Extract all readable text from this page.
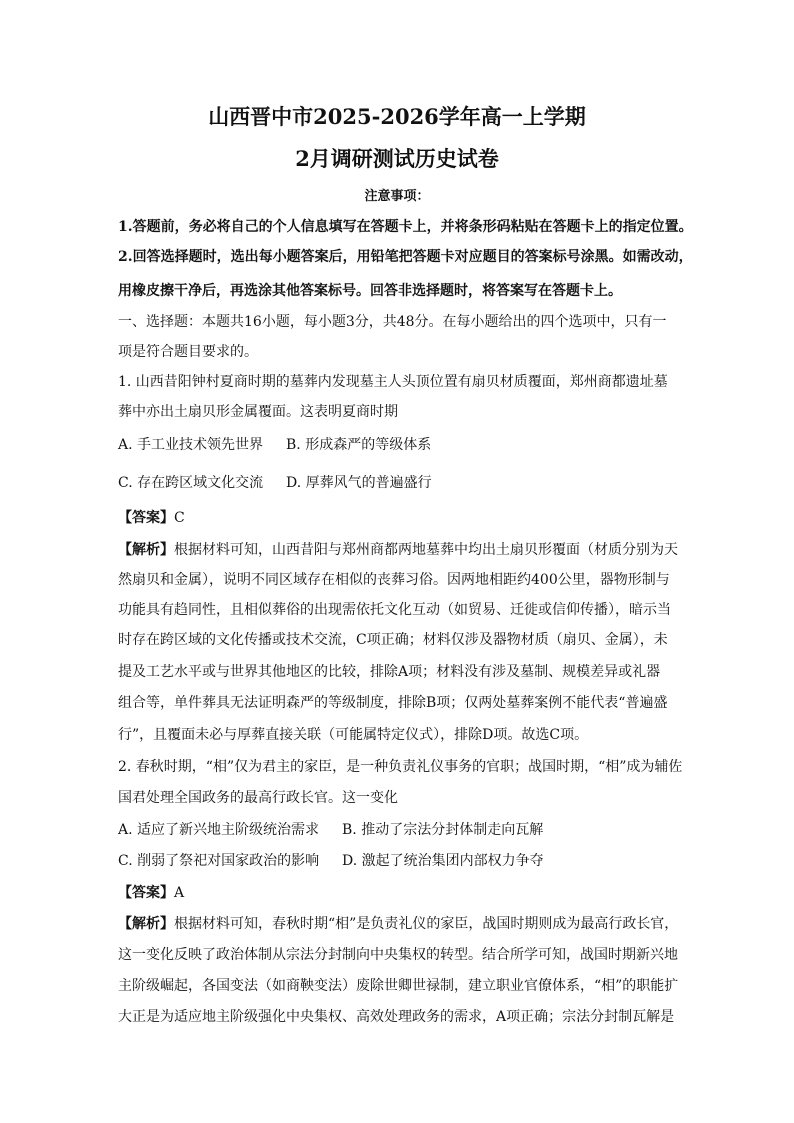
山西晋中市2025-2026学年高一上学期
2月调研测试历史试卷
注意事项：
1.答题前，务必将自己的个人信息填写在答题卡上，并将条形码粘贴在答题卡上的指定位置。
2.回答选择题时，选出每小题答案后，用铅笔把答题卡对应题目的答案标号涂黑。如需改动，
用橡皮擦干净后，再选涂其他答案标号。回答非选择题时，将答案写在答题卡上。
一、选择题：本题共16小题，每小题3分，共48分。在每小题给出的四个选项中，只有一
项是符合题目要求的。
1. 山西昔阳钟村夏商时期的墓葬内发现墓主人头顶位置有扇贝材质覆面，郑州商都遗址墓
葬中亦出土扇贝形金属覆面。这表明夏商时期
A. 手工业技术领先世界 B. 形成森严的等级体系
C. 存在跨区域文化交流 D. 厚葬风气的普遍盛行
【答案】C
【解析】根据材料可知，山西昔阳与郑州商都两地墓葬中均出土扇贝形覆面（材质分别为天
然扇贝和金属），说明不同区域存在相似的丧葬习俗。因两地相距约400公里，器物形制与
功能具有趋同性，且相似葬俗的出现需依托文化互动（如贸易、迁徙或信仰传播），暗示当
时存在跨区域的文化传播或技术交流，C项正确；材料仅涉及器物材质（扇贝、金属），未
提及工艺水平或与世界其他地区的比较，排除A项；材料没有涉及墓制、规模差异或礼器
组合等，单件葬具无法证明森严的等级制度，排除B项；仅两处墓葬案例不能代表“普遍盛
行”，且覆面未必与厚葬直接关联（可能属特定仪式），排除D项。故选C项。
2. 春秋时期，“相”仅为君主的家臣，是一种负责礼仪事务的官职；战国时期，“相”成为辅佐
国君处理全国政务的最高行政长官。这一变化
A. 适应了新兴地主阶级统治需求 B. 推动了宗法分封体制走向瓦解
C. 削弱了祭祀对国家政治的影响 D. 激起了统治集团内部权力争夺
【答案】A
【解析】根据材料可知，春秋时期“相”是负责礼仪的家臣，战国时期则成为最高行政长官，
这一变化反映了政治体制从宗法分封制向中央集权的转型。结合所学可知，战国时期新兴地
主阶级崛起，各国变法（如商鞅变法）废除世卿世禄制，建立职业官僚体系，“相”的职能扩
大正是为适应地主阶级强化中央集权、高效处理政务的需求，A项正确；宗法分封制瓦解是
